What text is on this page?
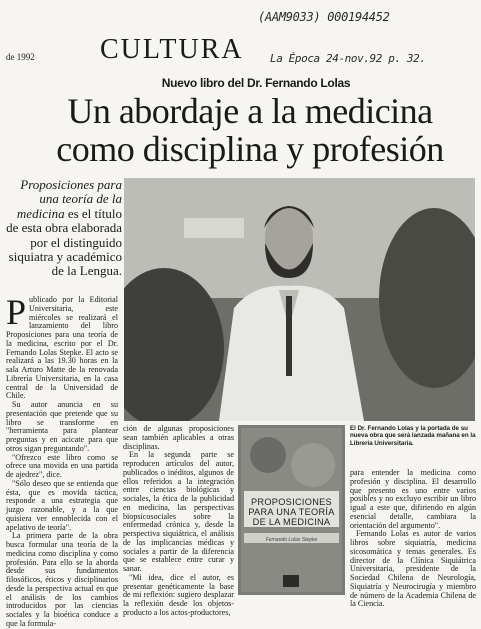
(AAM9033) 000194452
La Época 24-nov.92 p. 32.
de 1992 CULTURA
Nuevo libro del Dr. Fernando Lolas
Un abordaje a la medicina como disciplina y profesión
Proposiciones para una teoría de la medicina es el título de esta obra elaborada por el distinguido siquiatra y académico de la Lengua.
El Dr. Fernando Lolas y la portada de su nueva obra que será lanzada mañana en la Librería Universitaria.
PROPOSICIONES PARA UNA TEORÍA DE LA MEDICINA
Fernando Lolas Stepke
P ublicado por la Editorial Universitaria, este miércoles se realizará el lanzamiento del libro Proposiciones para una teoría de la medicina, escrito por el Dr. Fernando Lolas Stepke. El acto se realizará a las 19.30 horas en la sala Arturo Matte de la renovada Librería Universitaria, en la casa central de la Universidad de Chile.

Su autor anuncia en su presentación que pretende que su libro se transforme en "herramienta para plantear preguntas y en acicate para que otros sigan preguntando".

"Ofrezco este libro como se ofrece una movida en una partida de ajedrez", dice.

"Sólo deseo que se entienda que ésta, que es movida táctica, responde a una estrategia que juzgo razonable, y a la que quisiera ver ennoblecida con el apelativo de teoría".

La primera parte de la obra busca formular una teoría de la medicina como disciplina y como profesión. Para ello se la aborda desde sus fundamentos filosóficos, éticos y disciplinarios desde la perspectiva actual en que el análisis de los cambios introducidos por las ciencias sociales y la bioética conduce a que la formula-

ción de algunas proposiciones sean también aplicables a otras disciplinas.

En la segunda parte se reproducen artículos del autor, publicados o inéditos, algunos de ellos referidos a la integración entre ciencias biológicas y sociales, la ética de la publicidad en medicina, las perspectivas biopsicosociales sobre la enfermedad crónica y, desde la perspectiva siquiátrica, el análisis de las implicancias médicas y sociales a partir de la diferencia que se establece entre curar y sanar.

"Mi idea, dice el autor, es presentar genéticamente la base de mi reflexión: sugiero desplazar la reflexión desde los objetos-producto a los actos-productores,

para entender la medicina como profesión y disciplina. El desarrollo que presento es uno entre varios posibles y no excluyo escribir un libro igual a este que, difiriendo en algún esencial detalle, cambiara la orientación del argumento".

Fernando Lolas es autor de varios libros sobre siquiatría, medicina sicosomática y temas generales. Es director de la Clínica Siquiátrica Universitaria, presidente de la Sociedad Chilena de Neurología, Siquiatría y Neurocirugía y miembro de número de la Academia Chilena de la Ciencia.
